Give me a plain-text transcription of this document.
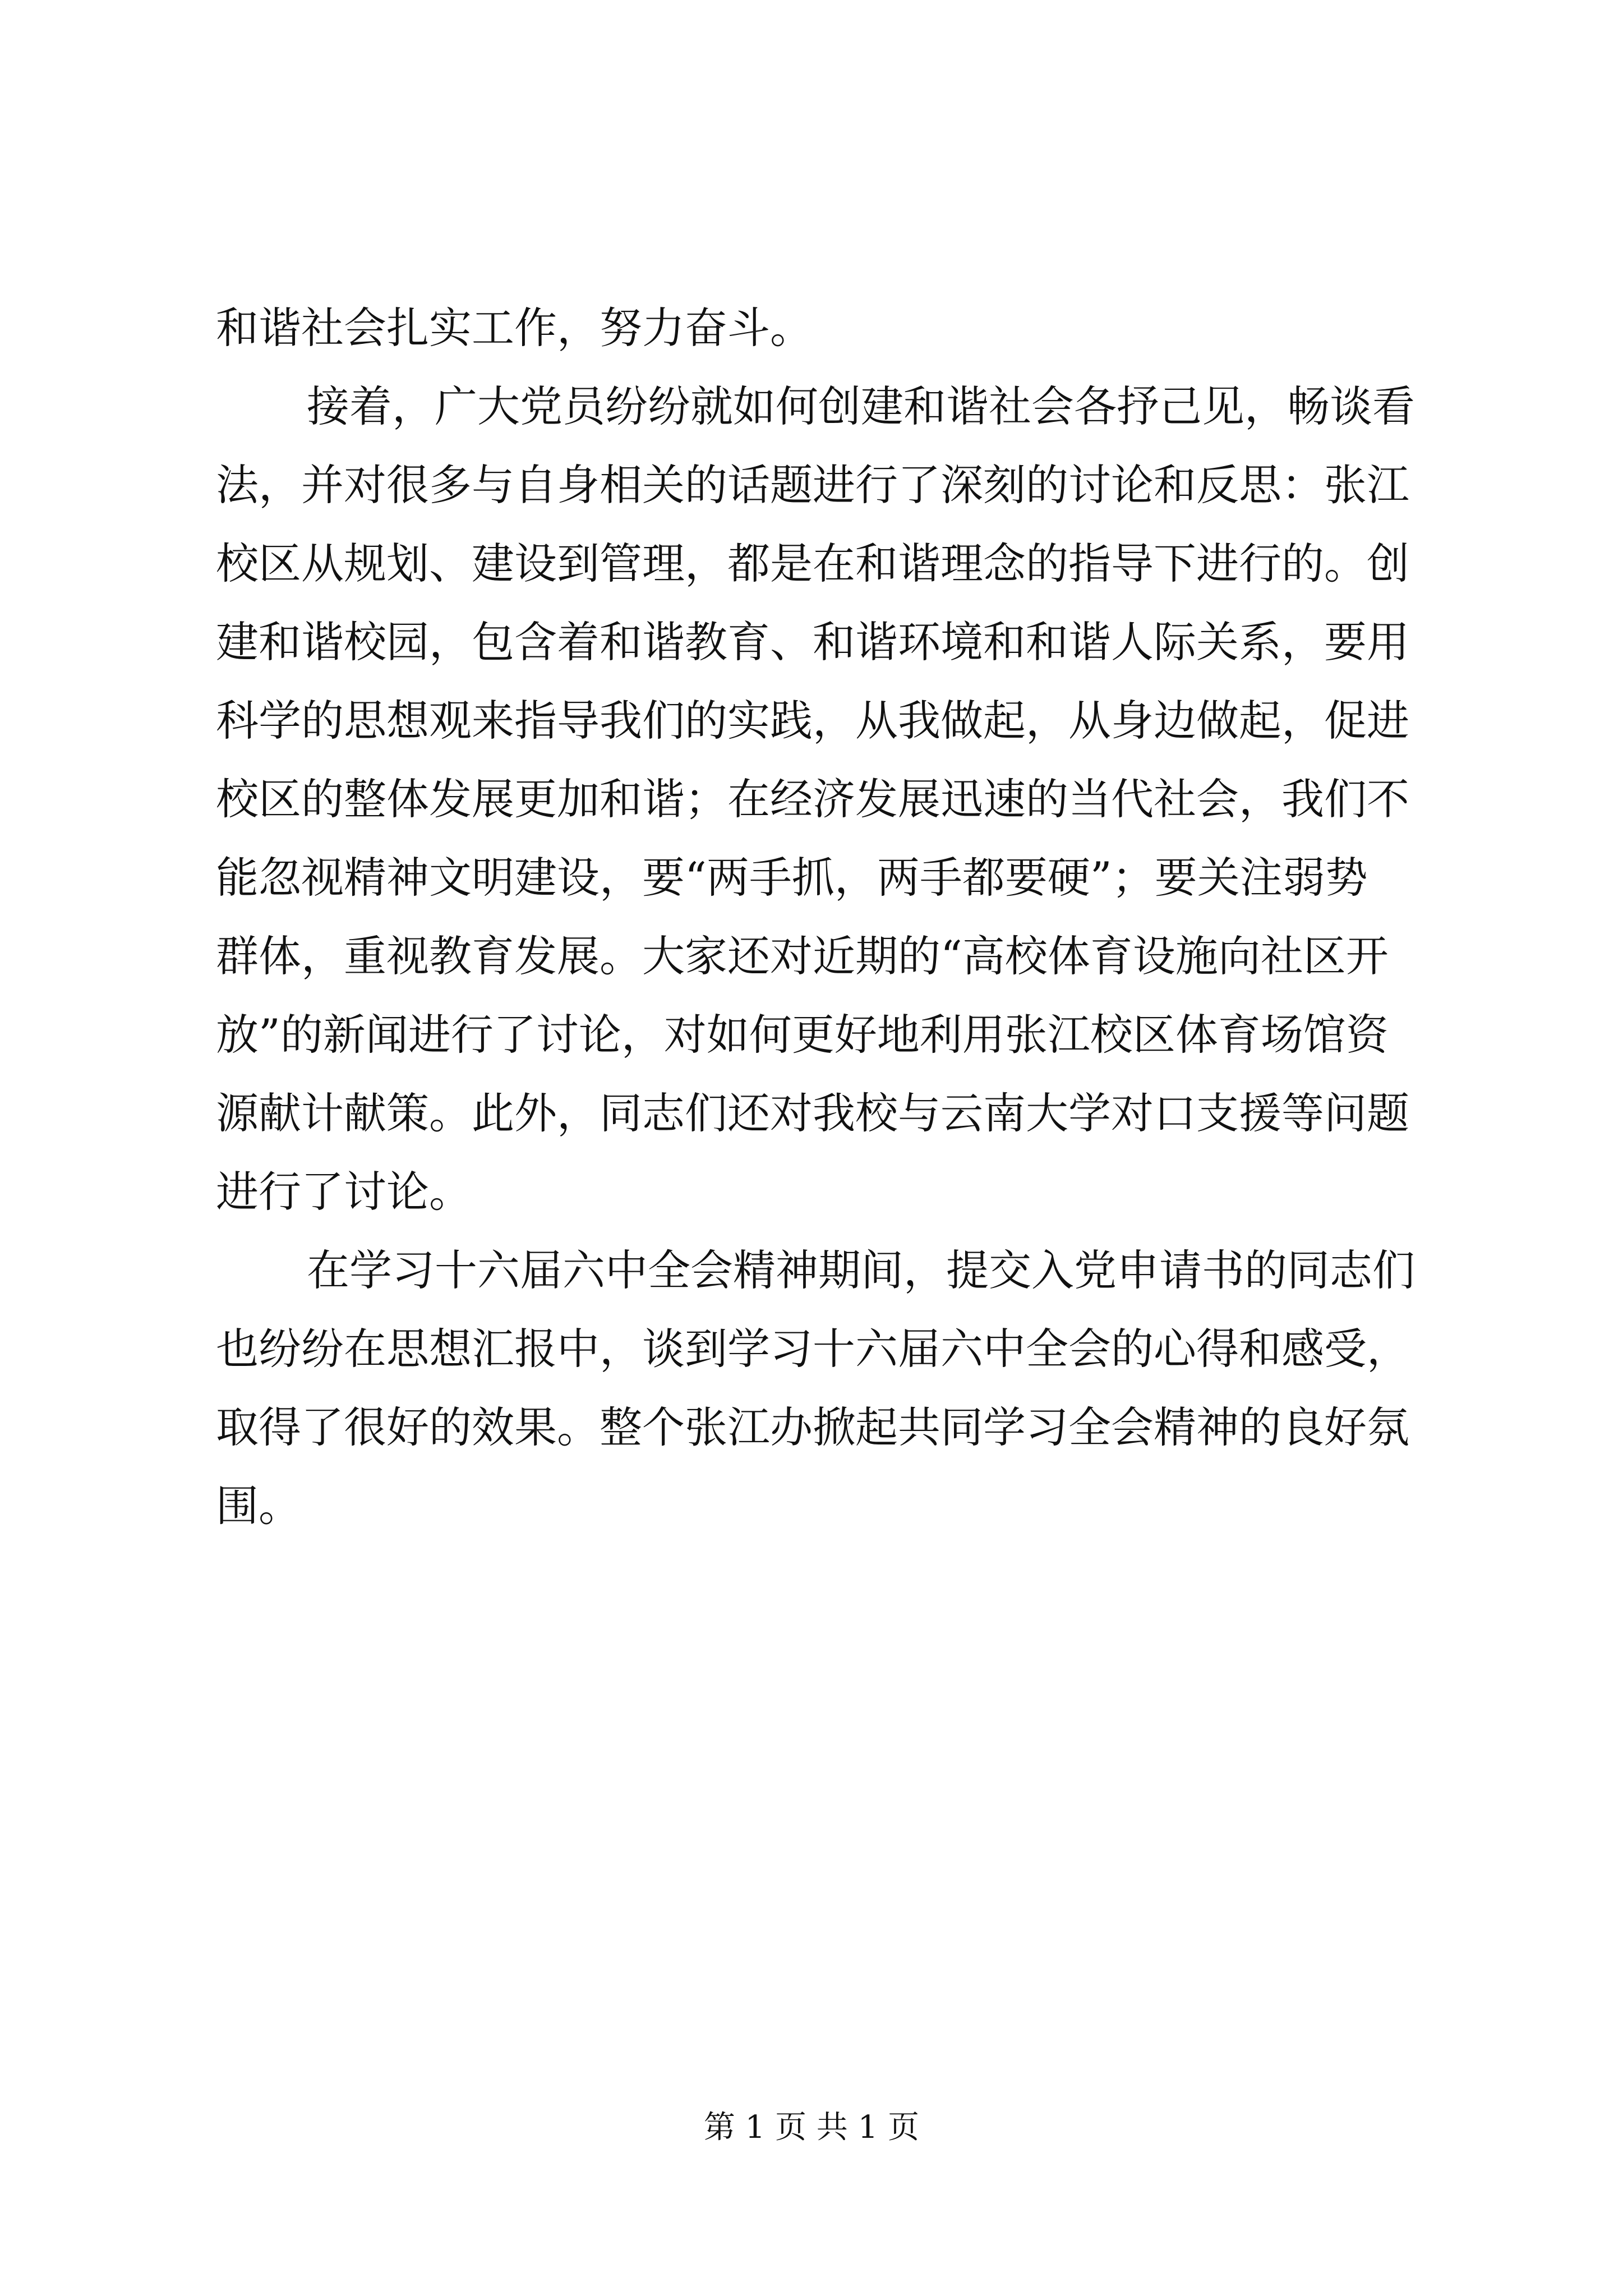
和谐社会扎实工作，努力奋斗。
接着，广大党员纷纷就如何创建和谐社会各抒己见，畅谈看
法，并对很多与自身相关的话题进行了深刻的讨论和反思：张江
校区从规划、建设到管理，都是在和谐理念的指导下进行的。创
建和谐校园，包含着和谐教育、和谐环境和和谐人际关系，要用
科学的思想观来指导我们的实践，从我做起，从身边做起，促进
校区的整体发展更加和谐；在经济发展迅速的当代社会，我们不
能忽视精神文明建设，要“两手抓，两手都要硬”；要关注弱势
群体，重视教育发展。大家还对近期的“高校体育设施向社区开
放”的新闻进行了讨论，对如何更好地利用张江校区体育场馆资
源献计献策。此外，同志们还对我校与云南大学对口支援等问题
进行了讨论。
在学习十六届六中全会精神期间，提交入党申请书的同志们
也纷纷在思想汇报中，谈到学习十六届六中全会的心得和感受，
取得了很好的效果。整个张江办掀起共同学习全会精神的良好氛
围。
第 1 页 共 1 页
